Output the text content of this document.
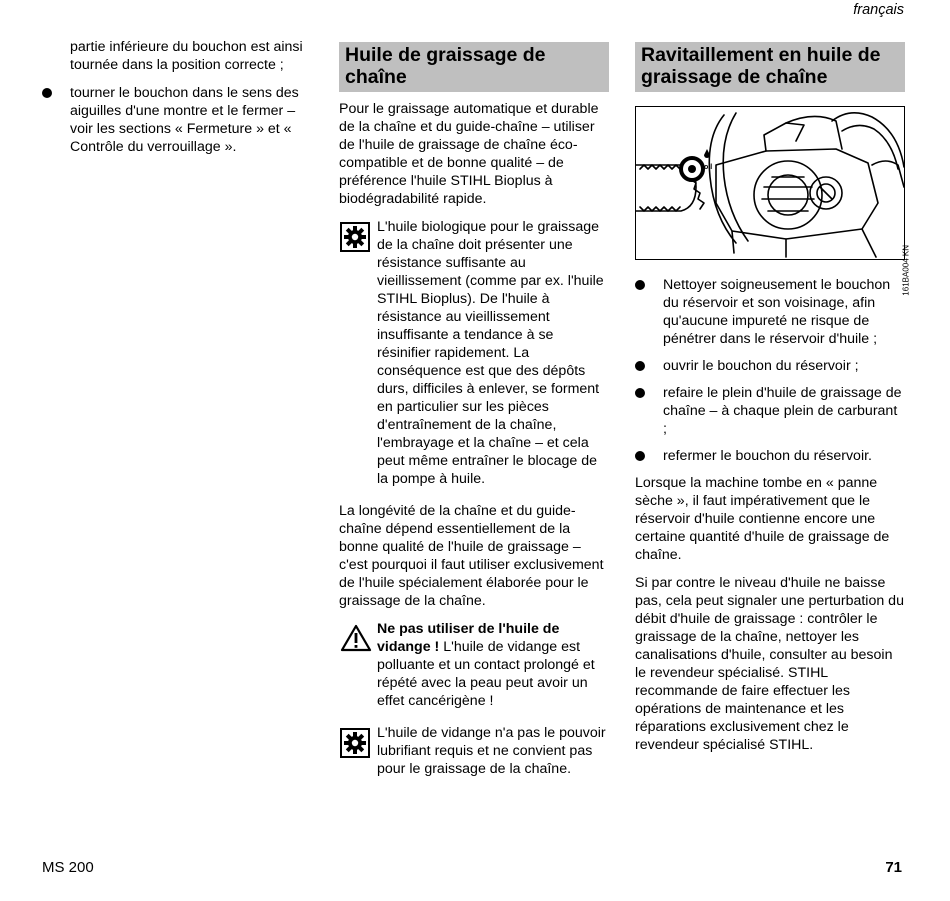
français

partie inférieure du bouchon est ainsi tournée dans la position correcte ;

tourner le bouchon dans le sens des aiguilles d'une montre et le fermer – voir les sections « Fermeture » et « Contrôle du verrouillage ».
Huile de graissage de chaîne

Pour le graissage automatique et durable de la chaîne et du guide-chaîne – utiliser de l'huile de graissage de chaîne éco-compatible et de bonne qualité – de préférence l'huile STIHL Bioplus à biodégradabilité rapide.

L'huile biologique pour le graissage de la chaîne doit présenter une résistance suffisante au vieillissement (comme par ex. l'huile STIHL Bioplus). De l'huile à résistance au vieillissement insuffisante a tendance à se résinifier rapidement. La conséquence est que des dépôts durs, difficiles à enlever, se forment en particulier sur les pièces d'entraînement de la chaîne, l'embrayage et la chaîne – et cela peut même entraîner le blocage de la pompe à huile.

La longévité de la chaîne et du guide-chaîne dépend essentiellement de la bonne qualité de l'huile de graissage – c'est pourquoi il faut utiliser exclusivement de l'huile spécialement élaborée pour le graissage de la chaîne.

Ne pas utiliser de l'huile de vidange ! L'huile de vidange est polluante et un contact prolongé et répété avec la peau peut avoir un effet cancérigène !
L'huile de vidange n'a pas le pouvoir lubrifiant requis et ne convient pas pour le graissage de la chaîne.
Ravitaillement en huile de graissage de chaîne
oil
161BA004 KN
Nettoyer soigneusement le bouchon du réservoir et son voisinage, afin qu'aucune impureté ne risque de pénétrer dans le réservoir d'huile ;
ouvrir le bouchon du réservoir ;
refaire le plein d'huile de graissage de chaîne – à chaque plein de carburant ;
refermer le bouchon du réservoir.

Lorsque la machine tombe en « panne sèche », il faut impérativement que le réservoir d'huile contienne encore une certaine quantité d'huile de graissage de chaîne.

Si par contre le niveau d'huile ne baisse pas, cela peut signaler une perturbation du débit d'huile de graissage : contrôler le graissage de la chaîne, nettoyer les canalisations d'huile, consulter au besoin le revendeur spécialisé. STIHL recommande de faire effectuer les opérations de maintenance et les réparations exclusivement chez le revendeur spécialisé STIHL.

MS 200	71
